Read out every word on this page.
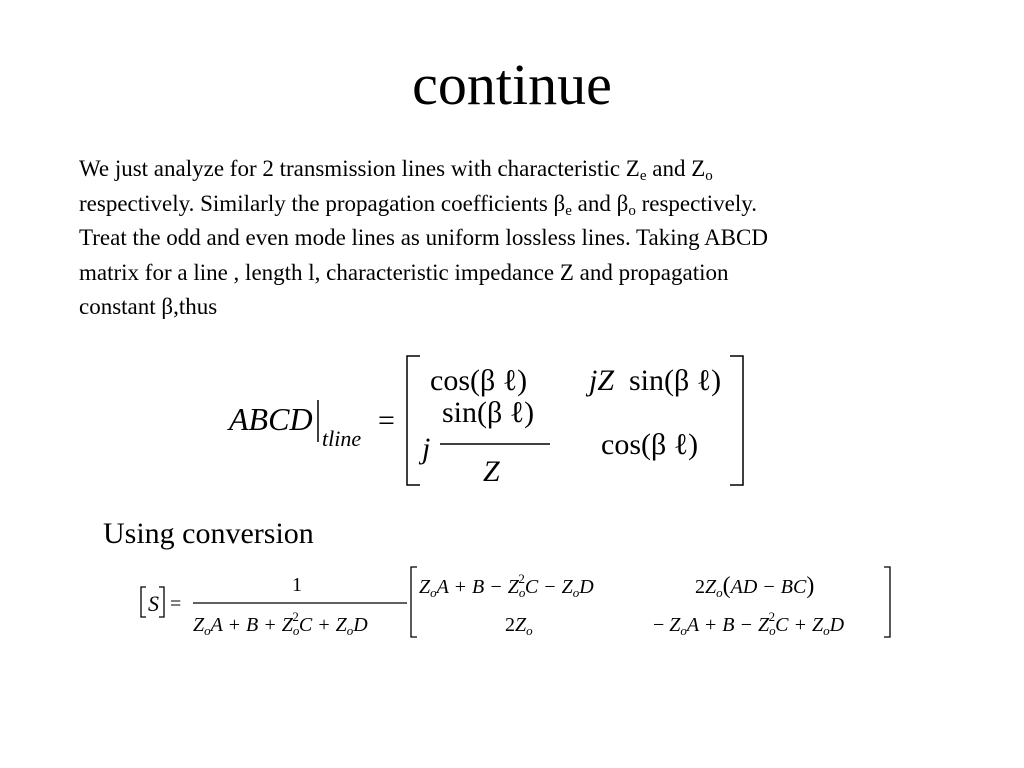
continue
We just analyze for 2 transmission lines with characteristic $Z_e$ and $Z_o$
respectively. Similarly the propagation coefficients $\beta_e$ and $\beta_o$ respectively.
Treat the odd and even mode lines as uniform lossless lines. Taking ABCD
matrix for a line , length l, characteristic impedance Z and propagation
constant β,thus
ABCD
tline
=
cos(β ℓ) jZ sin(β ℓ)
j
sin(β ℓ)
Z
cos(β ℓ)
Using conversion
S =
1
$Z_oA + B + Z_o2C + Z_oD$
$Z_oA + B - Z_o2C - Z_oD$	$2Z_o(AD - BC)$
$2Z_o$	− $Z_oA + B - Z_o2C + Z_oD$
